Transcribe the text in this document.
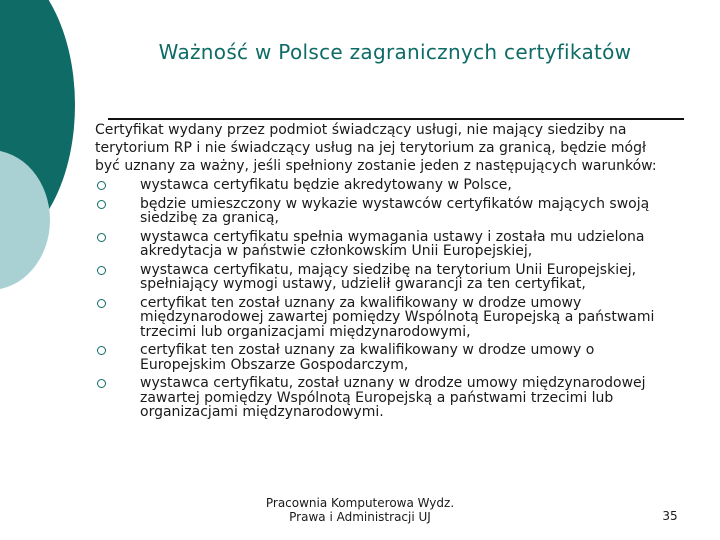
Ważność w Polsce zagranicznych certyfikatów

Certyfikat wydany przez podmiot świadczący usługi, nie mający siedziby na terytorium RP i nie świadczący usług na jej terytorium za granicą, będzie mógł być uznany za ważny, jeśli spełniony zostanie jeden z następujących warunków:

wystawca certyfikatu będzie akredytowany w Polsce,
będzie umieszczony w wykazie wystawców certyfikatów mających swoją siedzibę za granicą,
wystawca certyfikatu spełnia wymagania ustawy i została mu udzielona akredytacja w państwie członkowskim Unii Europejskiej,
wystawca certyfikatu, mający siedzibę na terytorium Unii Europejskiej, spełniający wymogi ustawy, udzielił gwarancji za ten certyfikat,
certyfikat ten został uznany za kwalifikowany w drodze umowy międzynarodowej zawartej pomiędzy Wspólnotą Europejską a państwami trzecimi lub organizacjami międzynarodowymi,
certyfikat ten został uznany za kwalifikowany w drodze umowy o Europejskim Obszarze Gospodarczym,
wystawca certyfikatu, został uznany w drodze umowy międzynarodowej zawartej pomiędzy Wspólnotą Europejską a państwami trzecimi lub organizacjami międzynarodowymi.
Pracownia Komputerowa Wydz.
Prawa i Administracji UJ	35
